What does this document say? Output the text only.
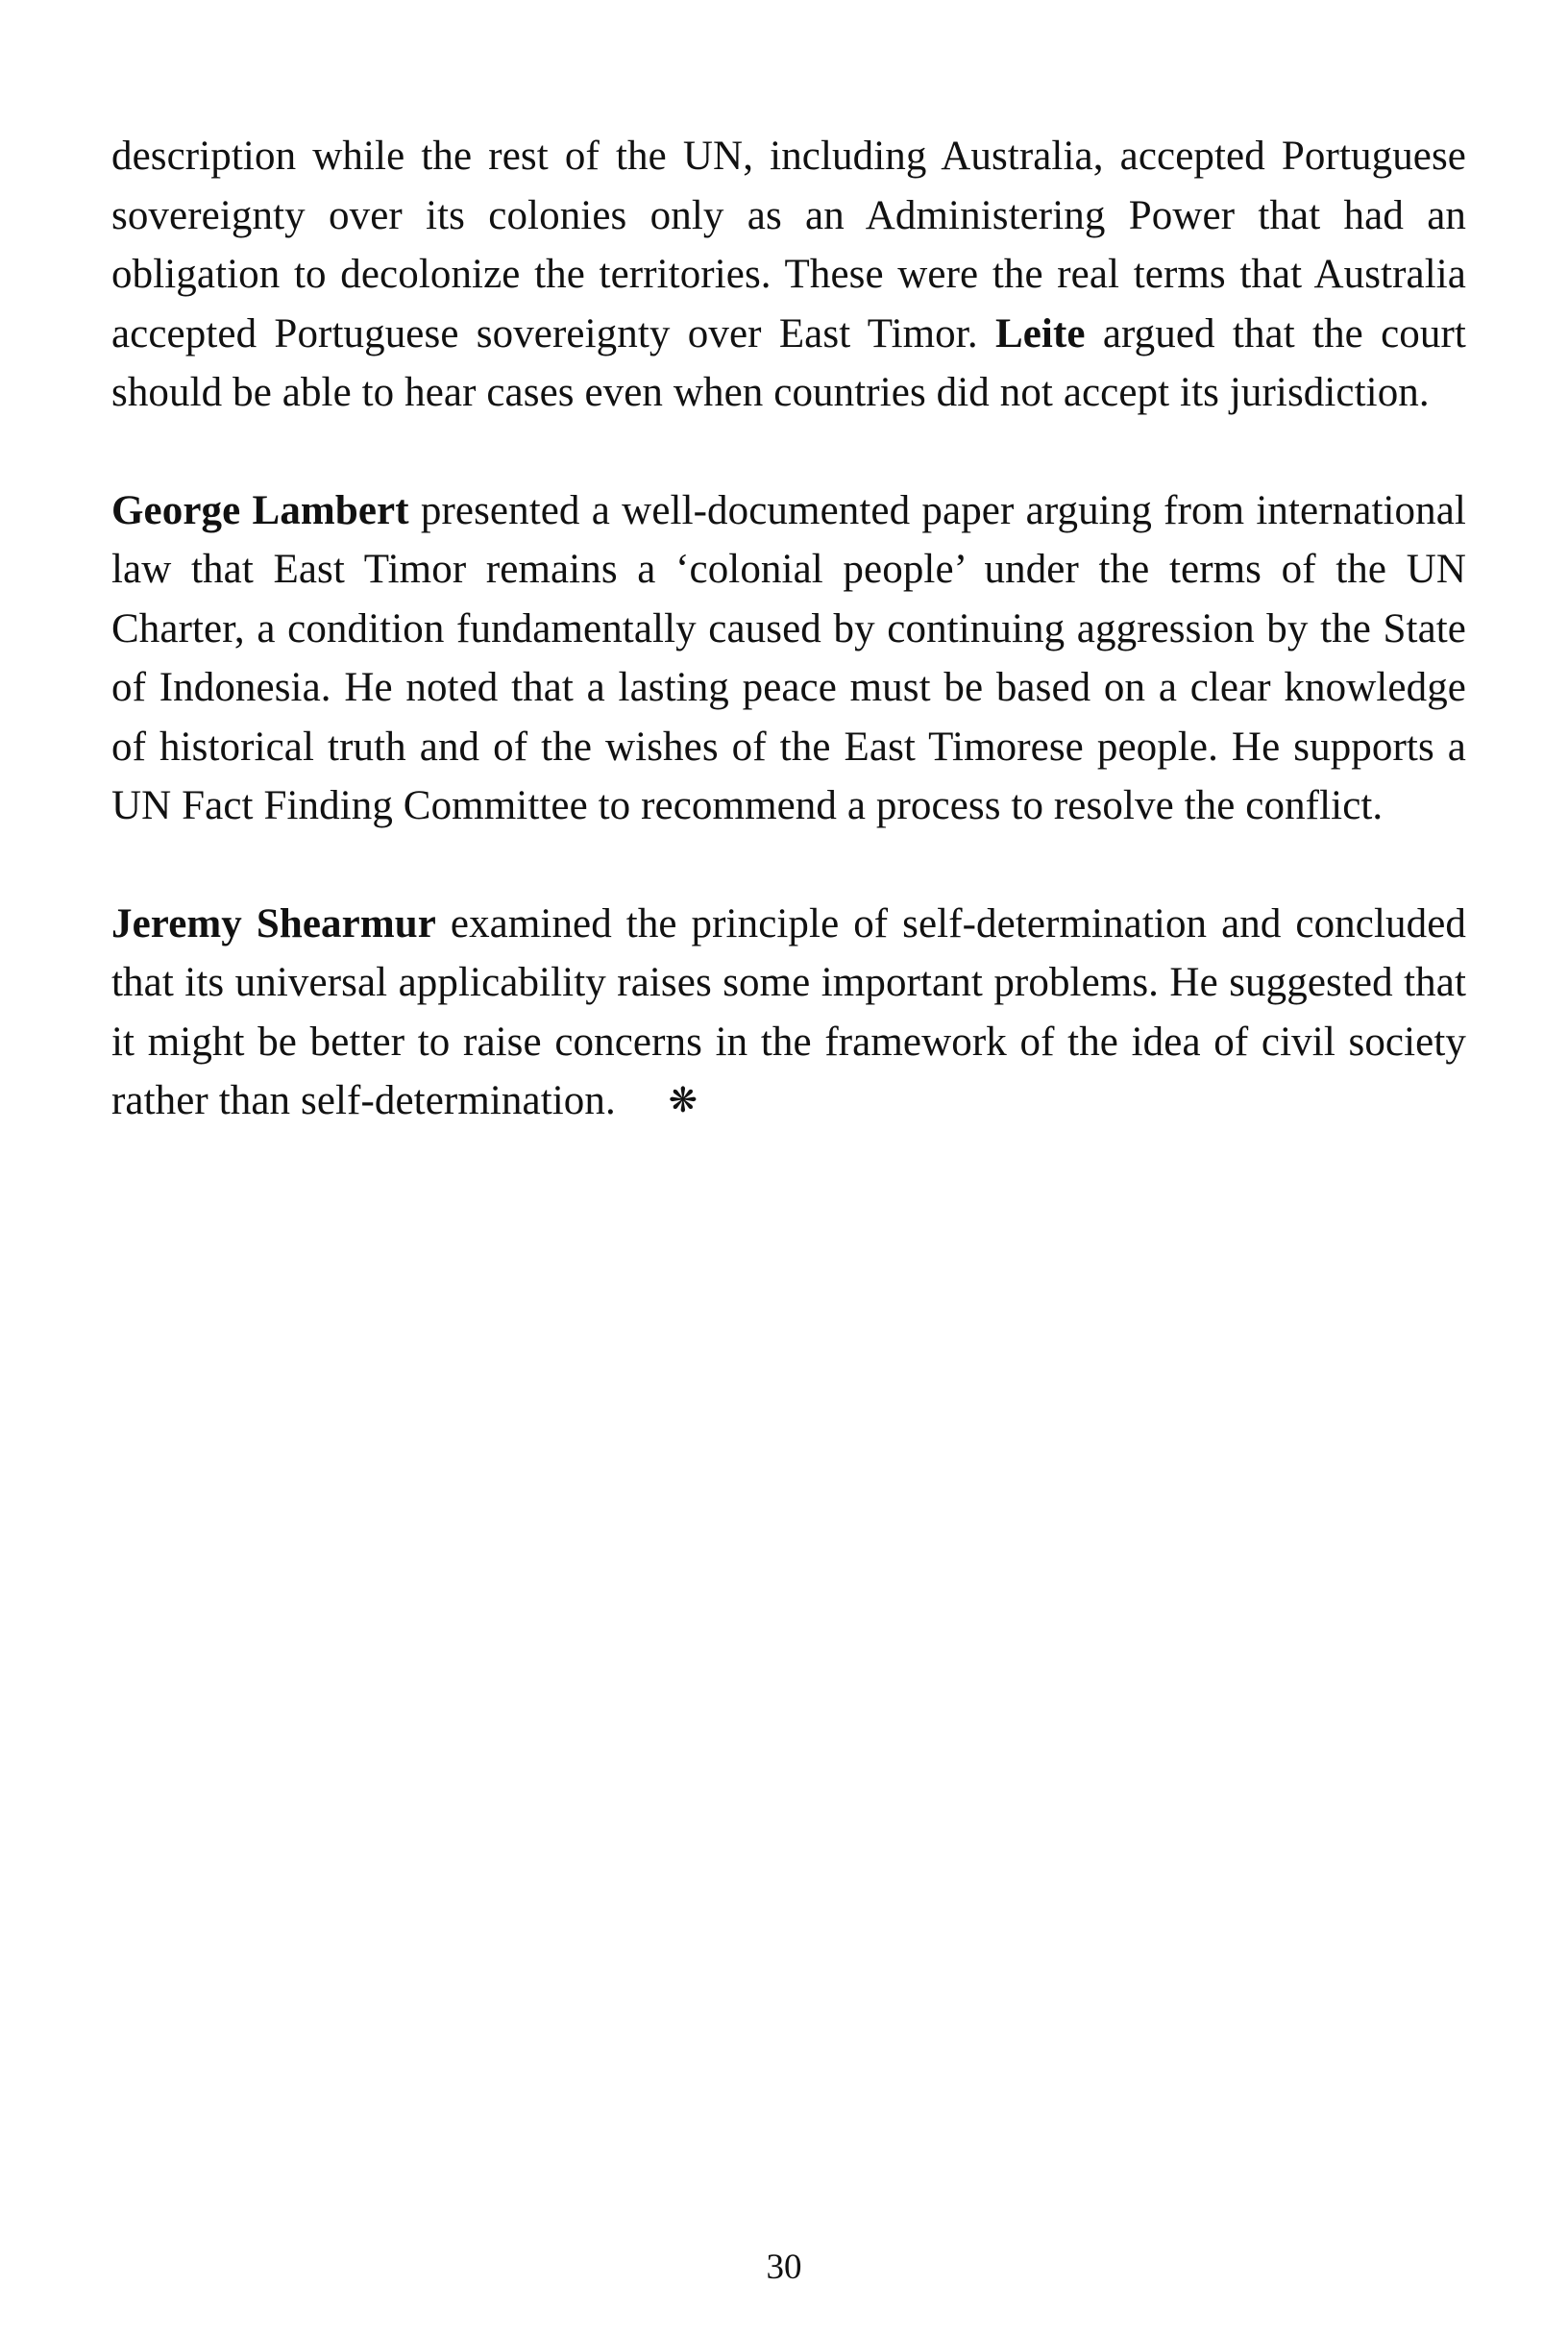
description while the rest of the UN, including Australia, accepted Portuguese sovereignty over its colonies only as an Administering Power that had an obligation to decolonize the territories. These were the real terms that Australia accepted Portuguese sovereignty over East Timor. Leite argued that the court should be able to hear cases even when countries did not accept its jurisdiction.

George Lambert presented a well-documented paper arguing from international law that East Timor remains a ‘colonial people’ under the terms of the UN Charter, a condition fundamentally caused by continuing aggression by the State of Indonesia. He noted that a lasting peace must be based on a clear knowledge of historical truth and of the wishes of the East Timorese people. He supports a UN Fact Finding Committee to recommend a process to resolve the conflict.

Jeremy Shearmur examined the principle of self-determination and concluded that its universal applicability raises some important problems. He suggested that it might be better to raise concerns in the framework of the idea of civil society rather than self-determination. ❋

30
